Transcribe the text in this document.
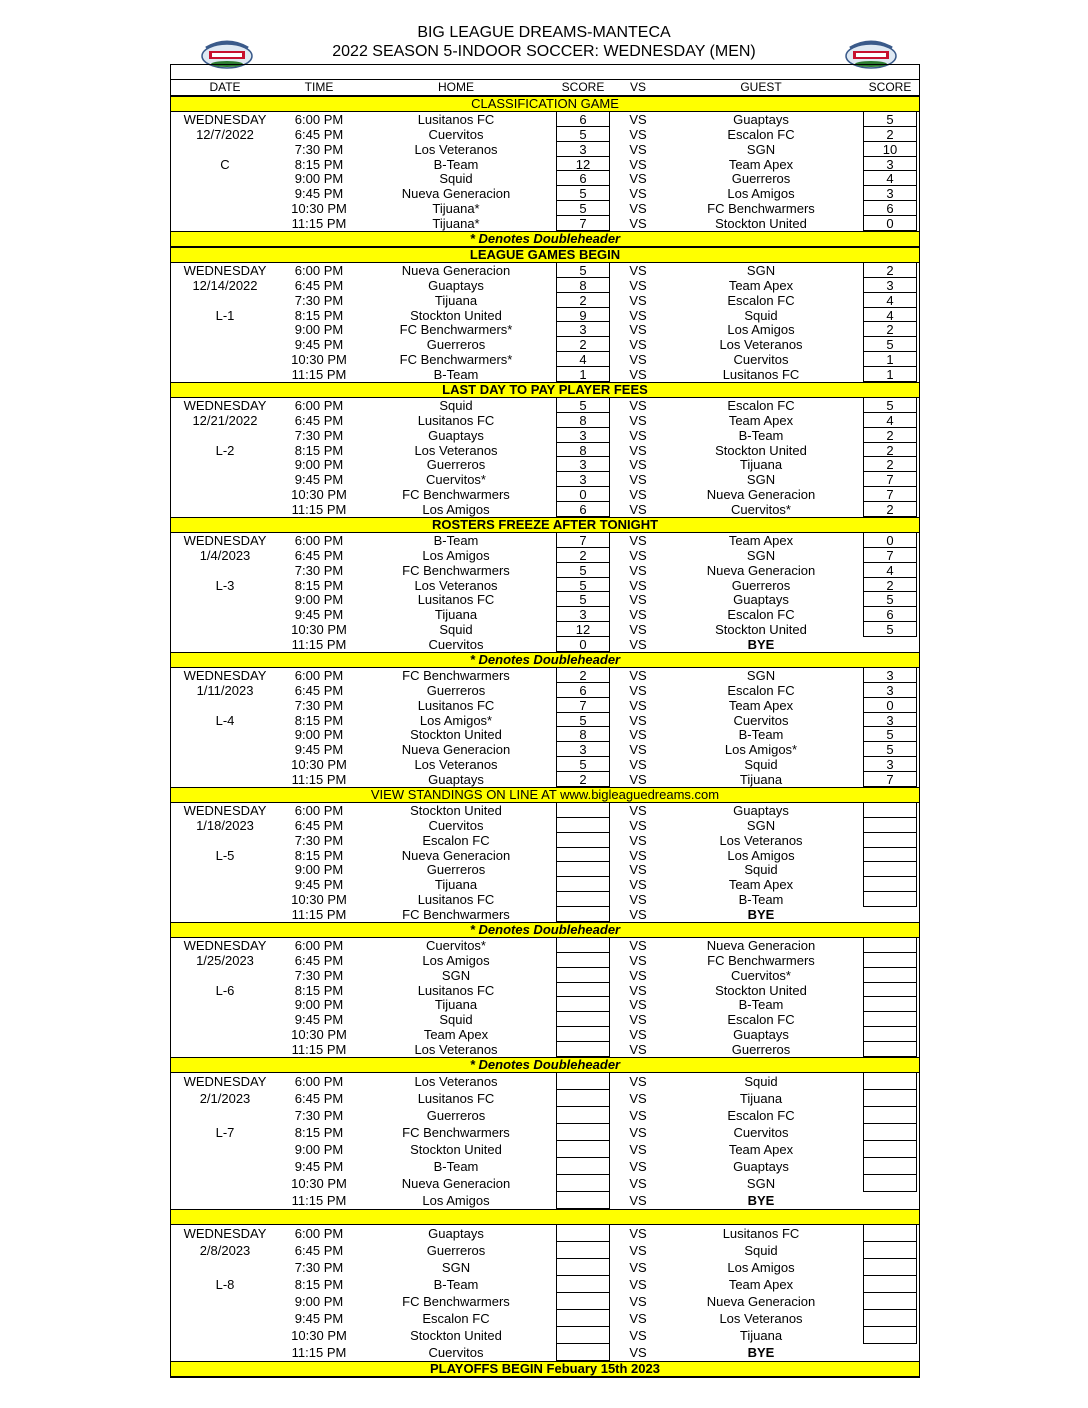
BIG LEAGUE DREAMS-MANTECA
2022 SEASON 5-INDOOR SOCCER: WEDNESDAY (MEN)
DATE	TIME	HOME	SCORE	VS	GUEST	SCORE
CLASSIFICATION GAME
WEDNESDAY	6:00 PM	Lusitanos FC	6	VS	Guaptays	5
12/7/2022	6:45 PM	Cuervitos	5	VS	Escalon FC	2
7:30 PM	Los Veteranos	3	VS	SGN	10
C	8:15 PM	B-Team	12	VS	Team Apex	3
9:00 PM	Squid	6	VS	Guerreros	4
9:45 PM	Nueva Generacion	5	VS	Los Amigos	3
10:30 PM	Tijuana*	5	VS	FC Benchwarmers	6
11:15 PM	Tijuana*	7	VS	Stockton United	0
* Denotes Doubleheader
LEAGUE GAMES BEGIN
WEDNESDAY	6:00 PM	Nueva Generacion	5	VS	SGN	2
12/14/2022	6:45 PM	Guaptays	8	VS	Team Apex	3
7:30 PM	Tijuana	2	VS	Escalon FC	4
L-1	8:15 PM	Stockton United	9	VS	Squid	4
9:00 PM	FC Benchwarmers*	3	VS	Los Amigos	2
9:45 PM	Guerreros	2	VS	Los Veteranos	5
10:30 PM	FC Benchwarmers*	4	VS	Cuervitos	1
11:15 PM	B-Team	1	VS	Lusitanos FC	1
LAST DAY TO PAY PLAYER FEES
WEDNESDAY	6:00 PM	Squid	5	VS	Escalon FC	5
12/21/2022	6:45 PM	Lusitanos FC	8	VS	Team Apex	4
7:30 PM	Guaptays	3	VS	B-Team	2
L-2	8:15 PM	Los Veteranos	8	VS	Stockton United	2
9:00 PM	Guerreros	3	VS	Tijuana	2
9:45 PM	Cuervitos*	3	VS	SGN	7
10:30 PM	FC Benchwarmers	0	VS	Nueva Generacion	7
11:15 PM	Los Amigos	6	VS	Cuervitos*	2
ROSTERS FREEZE AFTER TONIGHT
WEDNESDAY	6:00 PM	B-Team	7	VS	Team Apex	0
1/4/2023	6:45 PM	Los Amigos	2	VS	SGN	7
7:30 PM	FC Benchwarmers	5	VS	Nueva Generacion	4
L-3	8:15 PM	Los Veteranos	5	VS	Guerreros	2
9:00 PM	Lusitanos FC	5	VS	Guaptays	5
9:45 PM	Tijuana	3	VS	Escalon FC	6
10:30 PM	Squid	12	VS	Stockton United	5
11:15 PM	Cuervitos	0	VS	BYE
* Denotes Doubleheader
WEDNESDAY	6:00 PM	FC Benchwarmers	2	VS	SGN	3
1/11/2023	6:45 PM	Guerreros	6	VS	Escalon FC	3
7:30 PM	Lusitanos FC	7	VS	Team Apex	0
L-4	8:15 PM	Los Amigos*	5	VS	Cuervitos	3
9:00 PM	Stockton United	8	VS	B-Team	5
9:45 PM	Nueva Generacion	3	VS	Los Amigos*	5
10:30 PM	Los Veteranos	5	VS	Squid	3
11:15 PM	Guaptays	2	VS	Tijuana	7
VIEW STANDINGS ON LINE AT www.bigleaguedreams.com
WEDNESDAY	6:00 PM	Stockton United	VS	Guaptays
1/18/2023	6:45 PM	Cuervitos	VS	SGN
7:30 PM	Escalon FC	VS	Los Veteranos
L-5	8:15 PM	Nueva Generacion	VS	Los Amigos
9:00 PM	Guerreros	VS	Squid
9:45 PM	Tijuana	VS	Team Apex
10:30 PM	Lusitanos FC	VS	B-Team
11:15 PM	FC Benchwarmers	VS	BYE
* Denotes Doubleheader
WEDNESDAY	6:00 PM	Cuervitos*	VS	Nueva Generacion
1/25/2023	6:45 PM	Los Amigos	VS	FC Benchwarmers
7:30 PM	SGN	VS	Cuervitos*
L-6	8:15 PM	Lusitanos FC	VS	Stockton United
9:00 PM	Tijuana	VS	B-Team
9:45 PM	Squid	VS	Escalon FC
10:30 PM	Team Apex	VS	Guaptays
11:15 PM	Los Veteranos	VS	Guerreros
* Denotes Doubleheader
WEDNESDAY	6:00 PM	Los Veteranos	VS	Squid
2/1/2023	6:45 PM	Lusitanos FC	VS	Tijuana
7:30 PM	Guerreros	VS	Escalon FC
L-7	8:15 PM	FC Benchwarmers	VS	Cuervitos
9:00 PM	Stockton United	VS	Team Apex
9:45 PM	B-Team	VS	Guaptays
10:30 PM	Nueva Generacion	VS	SGN
11:15 PM	Los Amigos	VS	BYE
WEDNESDAY	6:00 PM	Guaptays	VS	Lusitanos FC
2/8/2023	6:45 PM	Guerreros	VS	Squid
7:30 PM	SGN	VS	Los Amigos
L-8	8:15 PM	B-Team	VS	Team Apex
9:00 PM	FC Benchwarmers	VS	Nueva Generacion
9:45 PM	Escalon FC	VS	Los Veteranos
10:30 PM	Stockton United	VS	Tijuana
11:15 PM	Cuervitos	VS	BYE
PLAYOFFS BEGIN Febuary 15th 2023
